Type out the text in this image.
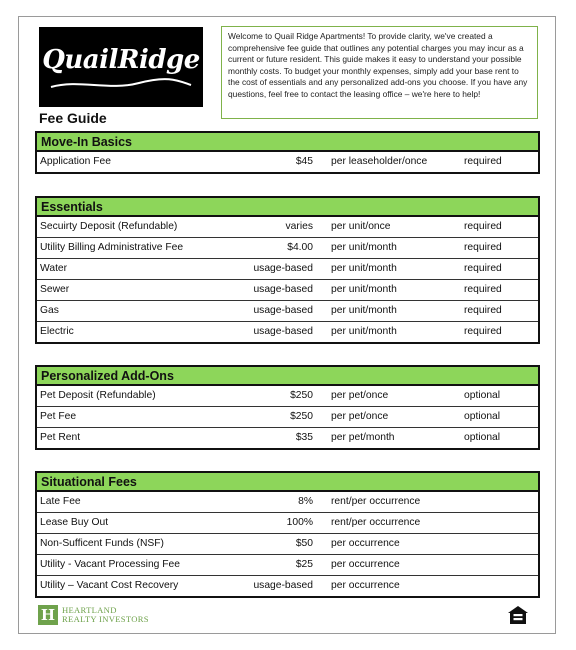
QuailRidge
Welcome to Quail Ridge Apartments! To provide clarity, we've created a comprehensive fee guide that outlines any potential charges you may incur as a current or future resident. This guide makes it easy to understand your possible monthly costs. To budget your monthly expenses, simply add your base rent to the cost of essentials and any personalized add-ons you choose. If you have any questions, feel free to contact the leasing office – we're here to help!
Fee Guide
Move-In Basics
Application Fee	$45 per leaseholder/once	required
Essentials
Secuirty Deposit (Refundable)	varies per unit/once	required
Utility Billing Administrative Fee	$4.00 per unit/month	required
Water	usage-based per unit/month	required
Sewer	usage-based per unit/month	required
Gas	usage-based per unit/month	required
Electric	usage-based per unit/month	required
Personalized Add-Ons
Pet Deposit (Refundable)	$250 per pet/once	optional
Pet Fee	$250 per pet/once	optional
Pet Rent	$35 per pet/month	optional
Situational Fees
Late Fee	8% rent/per occurrence
Lease Buy Out	100% rent/per occurrence
Non-Sufficent Funds (NSF)	$50 per occurrence
Utility - Vacant Processing Fee	$25 per occurrence
Utility – Vacant Cost Recovery	usage-based per occurrence
H HEARTLAND
REALTY INVESTORS
